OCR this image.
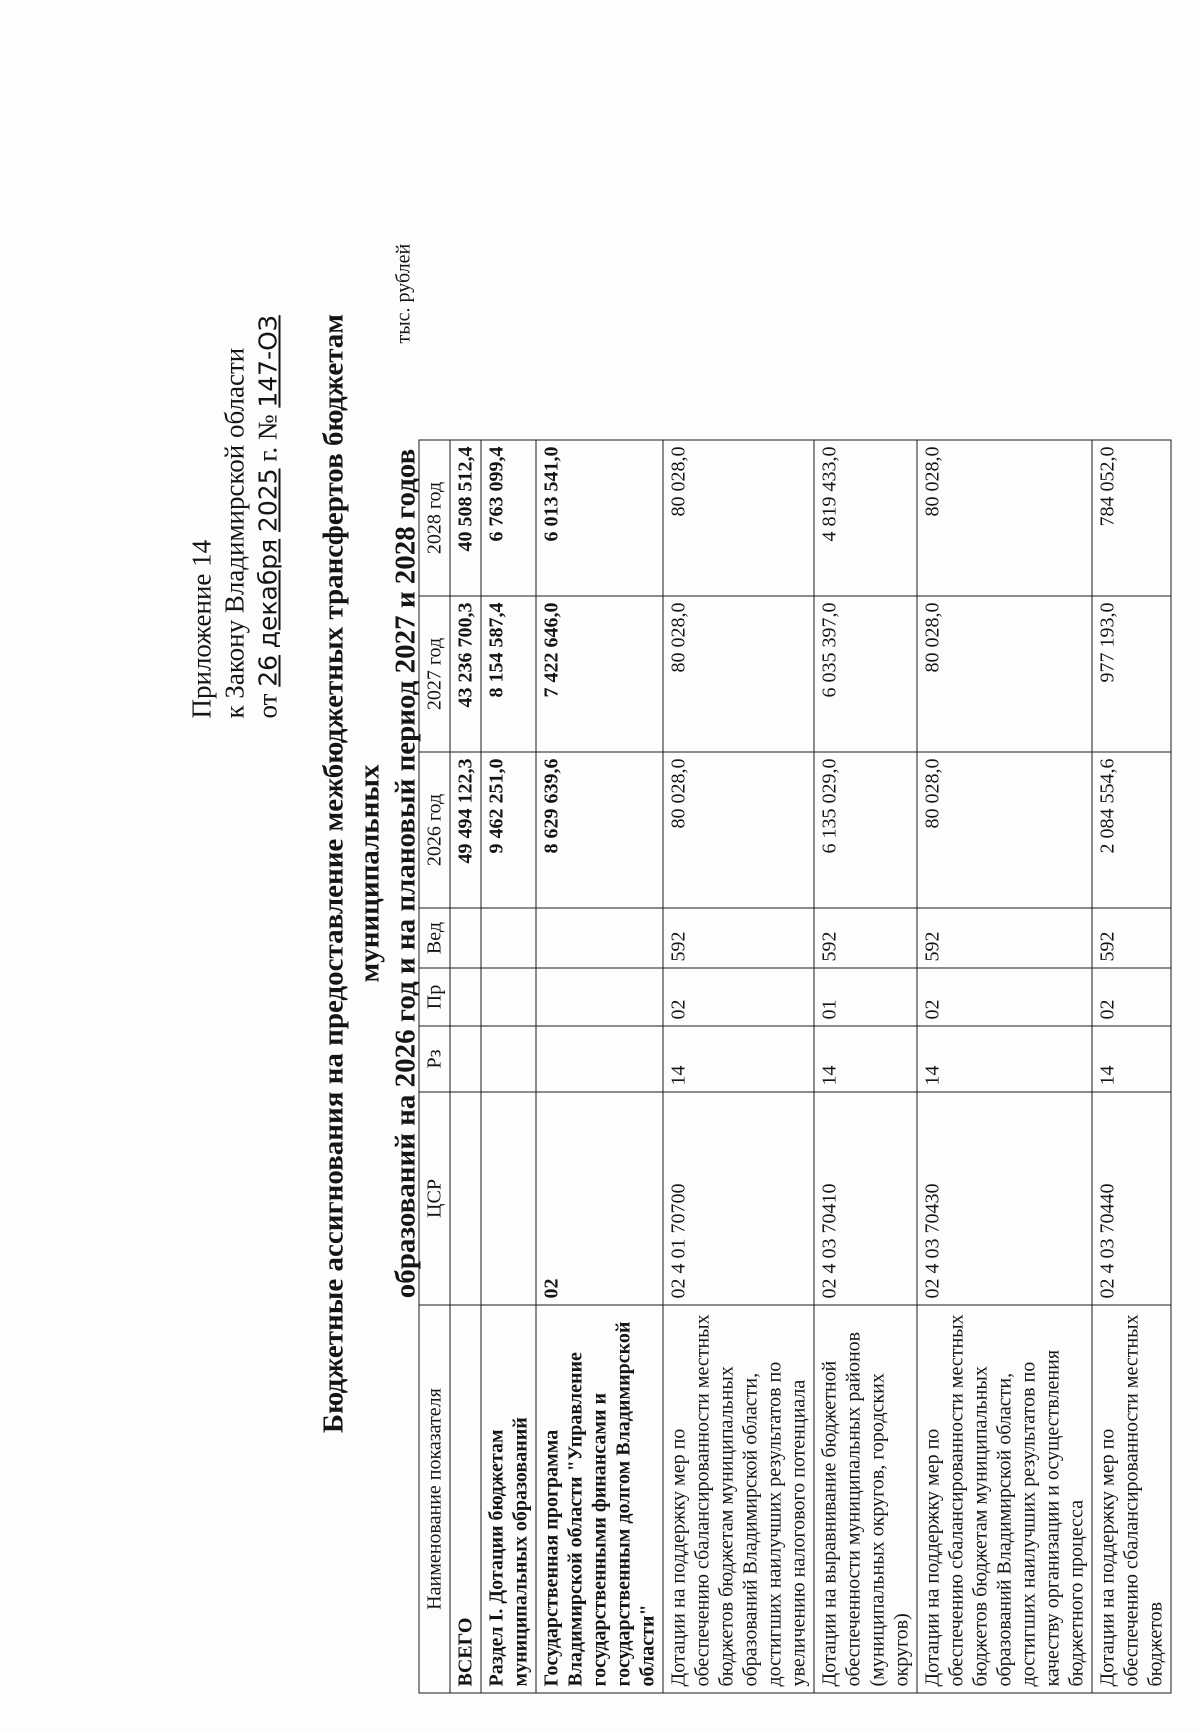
Приложение 14 к Закону Владимирской области от 26 декабря 2025 г. № 147-ОЗ Бюджетные ассигнования на предоставление межбюджетных трансфертов бюджетам муниципальных образований на 2026 год и на плановый период 2027 и 2028 годов
тыс. рублей
Наименование показателя	ЦСР	Рз	Пр	Вед	2026 год	2027 год	2028 год
ВСЕГО					49 494 122,3	43 236 700,3	40 508 512,4
Раздел I. Дотации бюджетам муниципальных образований					9 462 251,0	8 154 587,4	6 763 099,4
Государственная программа Владимирской области "Управление государственными финансами и государственным долгом Владимирской области"	02				8 629 639,6	7 422 646,0	6 013 541,0
Дотации на поддержку мер по обеспечению сбалансированности местных бюджетов бюджетам муниципальных образований Владимирской области, достигших наилучших результатов по увеличению налогового потенциала	02 4 01 70700	14	02	592	80 028,0	80 028,0	80 028,0
Дотации на выравнивание бюджетной обеспеченности муниципальных районов (муниципальных округов, городских округов)	02 4 03 70410	14	01	592	6 135 029,0	6 035 397,0	4 819 433,0
Дотации на поддержку мер по обеспечению сбалансированности местных бюджетов бюджетам муниципальных образований Владимирской области, достигших наилучших результатов по качеству организации и осуществления бюджетного процесса	02 4 03 70430	14	02	592	80 028,0	80 028,0	80 028,0
Дотации на поддержку мер по обеспечению сбалансированности местных бюджетов	02 4 03 70440	14	02	592	2 084 554,6	977 193,0	784 052,0
